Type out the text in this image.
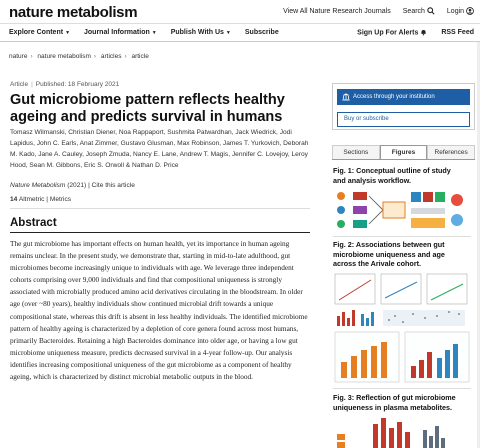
nature metabolism	View All Nature Research Journals Search	Login
Explore Content ▼ Journal Information ▼ Publish With Us ▼ Subscribe	Sign Up For Alerts	RSS Feed
nature › nature metabolism › articles › article
Article | Published: 18 February 2021
Gut microbiome pattern reflects healthy ageing and predicts survival in humans
Tomasz Wilmanski, Christian Diener, Noa Rappaport, Sushmita Patwardhan, Jack Wiedrick, Jodi Lapidus, John C. Earls, Anat Zimmer, Gustavo Glusman, Max Robinson, James T. Yurkovich, Deborah M. Kado, Jane A. Cauley, Joseph Zmuda, Nancy E. Lane, Andrew T. Magis, Jennifer C. Lovejoy, Leroy Hood, Sean M. Gibbons, Eric S. Orwoll & Nathan D. Price
Nature Metabolism (2021) | Cite this article
14 Altmetric | Metrics
Abstract

The gut microbiome has important effects on human health, yet its importance in human ageing remains unclear. In the present study, we demonstrate that, starting in mid-to-late adulthood, gut microbiomes become increasingly unique to individuals with age. We leverage three independent cohorts comprising over 9,000 individuals and find that compositional uniqueness is strongly associated with microbially produced amino acid derivatives circulating in the bloodstream. In older age (over ~80 years), healthy individuals show continued microbial drift towards a unique compositional state, whereas this drift is absent in less healthy individuals. The identified microbiome pattern of healthy ageing is characterized by a depletion of core genera found across most humans, primarily Bacteroides. Retaining a high Bacteroides dominance into older age, or having a low gut microbiome uniqueness measure, predicts decreased survival in a 4-year follow-up. Our analysis identifies increasing compositional uniqueness of the gut microbiome as a component of healthy ageing, which is characterized by distinct microbial metabolic outputs in the blood.

Access through your institution
Buy or subscribe
Sections	Figures	References
Fig. 1: Conceptual outline of study and analysis workflow.
Fig. 2: Associations between gut microbiome uniqueness and age across the Arivale cohort.
Fig. 3: Reflection of gut microbiome uniqueness in plasma metabolites.
